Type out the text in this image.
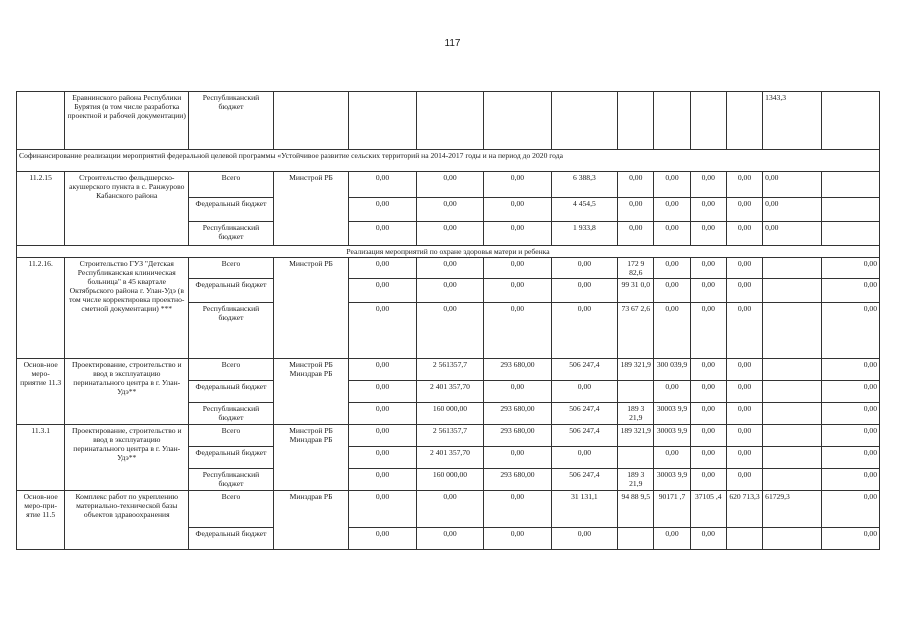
117
	Еравнинского района Республики Бурятия (в том числе разработка проектной и рабочей документации)	Республиканский бюджет										1343,3	
Софинансирование реализации мероприятий федеральной целевой программы «Устойчивое развитие сельских территорий на 2014-2017 годы и на период до 2020 года													
11.2.15	Строительство фельдшерско-акушерского пункта в с. Ранжурово Кабанского района	Всего	Минстрой РБ	0,00	0,00	0,00	6 388,3	0,00	0,00	0,00	0,00	0,00	
		Федеральный бюджет		0,00	0,00	0,00	4 454,5	0,00	0,00	0,00	0,00	0,00	
		Республиканский бюджет		0,00	0,00	0,00	1 933,8	0,00	0,00	0,00	0,00	0,00	
Реализация мероприятий по охране здоровья матери и ребенка													
11.2.16.	Строительство ГУЗ "Детская Республиканская клиническая больница" в 45 квартале Октябрьского района г. Улан-Удэ (в том числе корректировка проектно-сметной документации) ***	Всего	Минстрой РБ	0,00	0,00	0,00	0,00	172 9 82,6	0,00	0,00	0,00		0,00
		Федеральный бюджет		0,00	0,00	0,00	0,00	99 31 0,0	0,00	0,00	0,00		0,00
		Республиканский бюджет		0,00	0,00	0,00	0,00	73 67 2,6	0,00	0,00	0,00		0,00
Основ-ное меро-приятие 11.3	Проектирование, строительство и ввод в эксплуатацию перинатального центра в г. Улан-Удэ**	Всего	Минстрой РБ Минздрав РБ	0,00	2 561357,7	293 680,00	506 247,4	189 321,9	300 039,9	0,00	0,00		0,00
		Федеральный бюджет		0,00	2 401 357,70	0,00	0,00		0,00	0,00	0,00		0,00
		Республиканский бюджет		0,00	160 000,00	293 680,00	506 247,4	189 3 21,9	30003 9,9	0,00	0,00		0,00
11.3.1	Проектирование, строительство и ввод в эксплуатацию перинатального центра в г. Улан-Удэ**	Всего	Минстрой РБ Минздрав РБ	0,00	2 561357,7	293 680,00	506 247,4	189 321,9	30003 9,9	0,00	0,00		0,00
		Федеральный бюджет		0,00	2 401 357,70	0,00	0,00		0,00	0,00	0,00		0,00
		Республиканский бюджет		0,00	160 000,00	293 680,00	506 247,4	189 3 21,9	30003 9,9	0,00	0,00		0,00
Основ-ное меро-при-ятие 11.5	Комплекс работ по укреплению материально-технической базы объектов здравоохранения	Всего	Минздрав РБ	0,00	0,00	0,00	31 131,1	94 88 9,5	90171 ,7	37105 ,4	620 713,3	61729,3	0,00
		Федеральный бюджет		0,00	0,00	0,00	0,00		0,00	0,00			0,00
